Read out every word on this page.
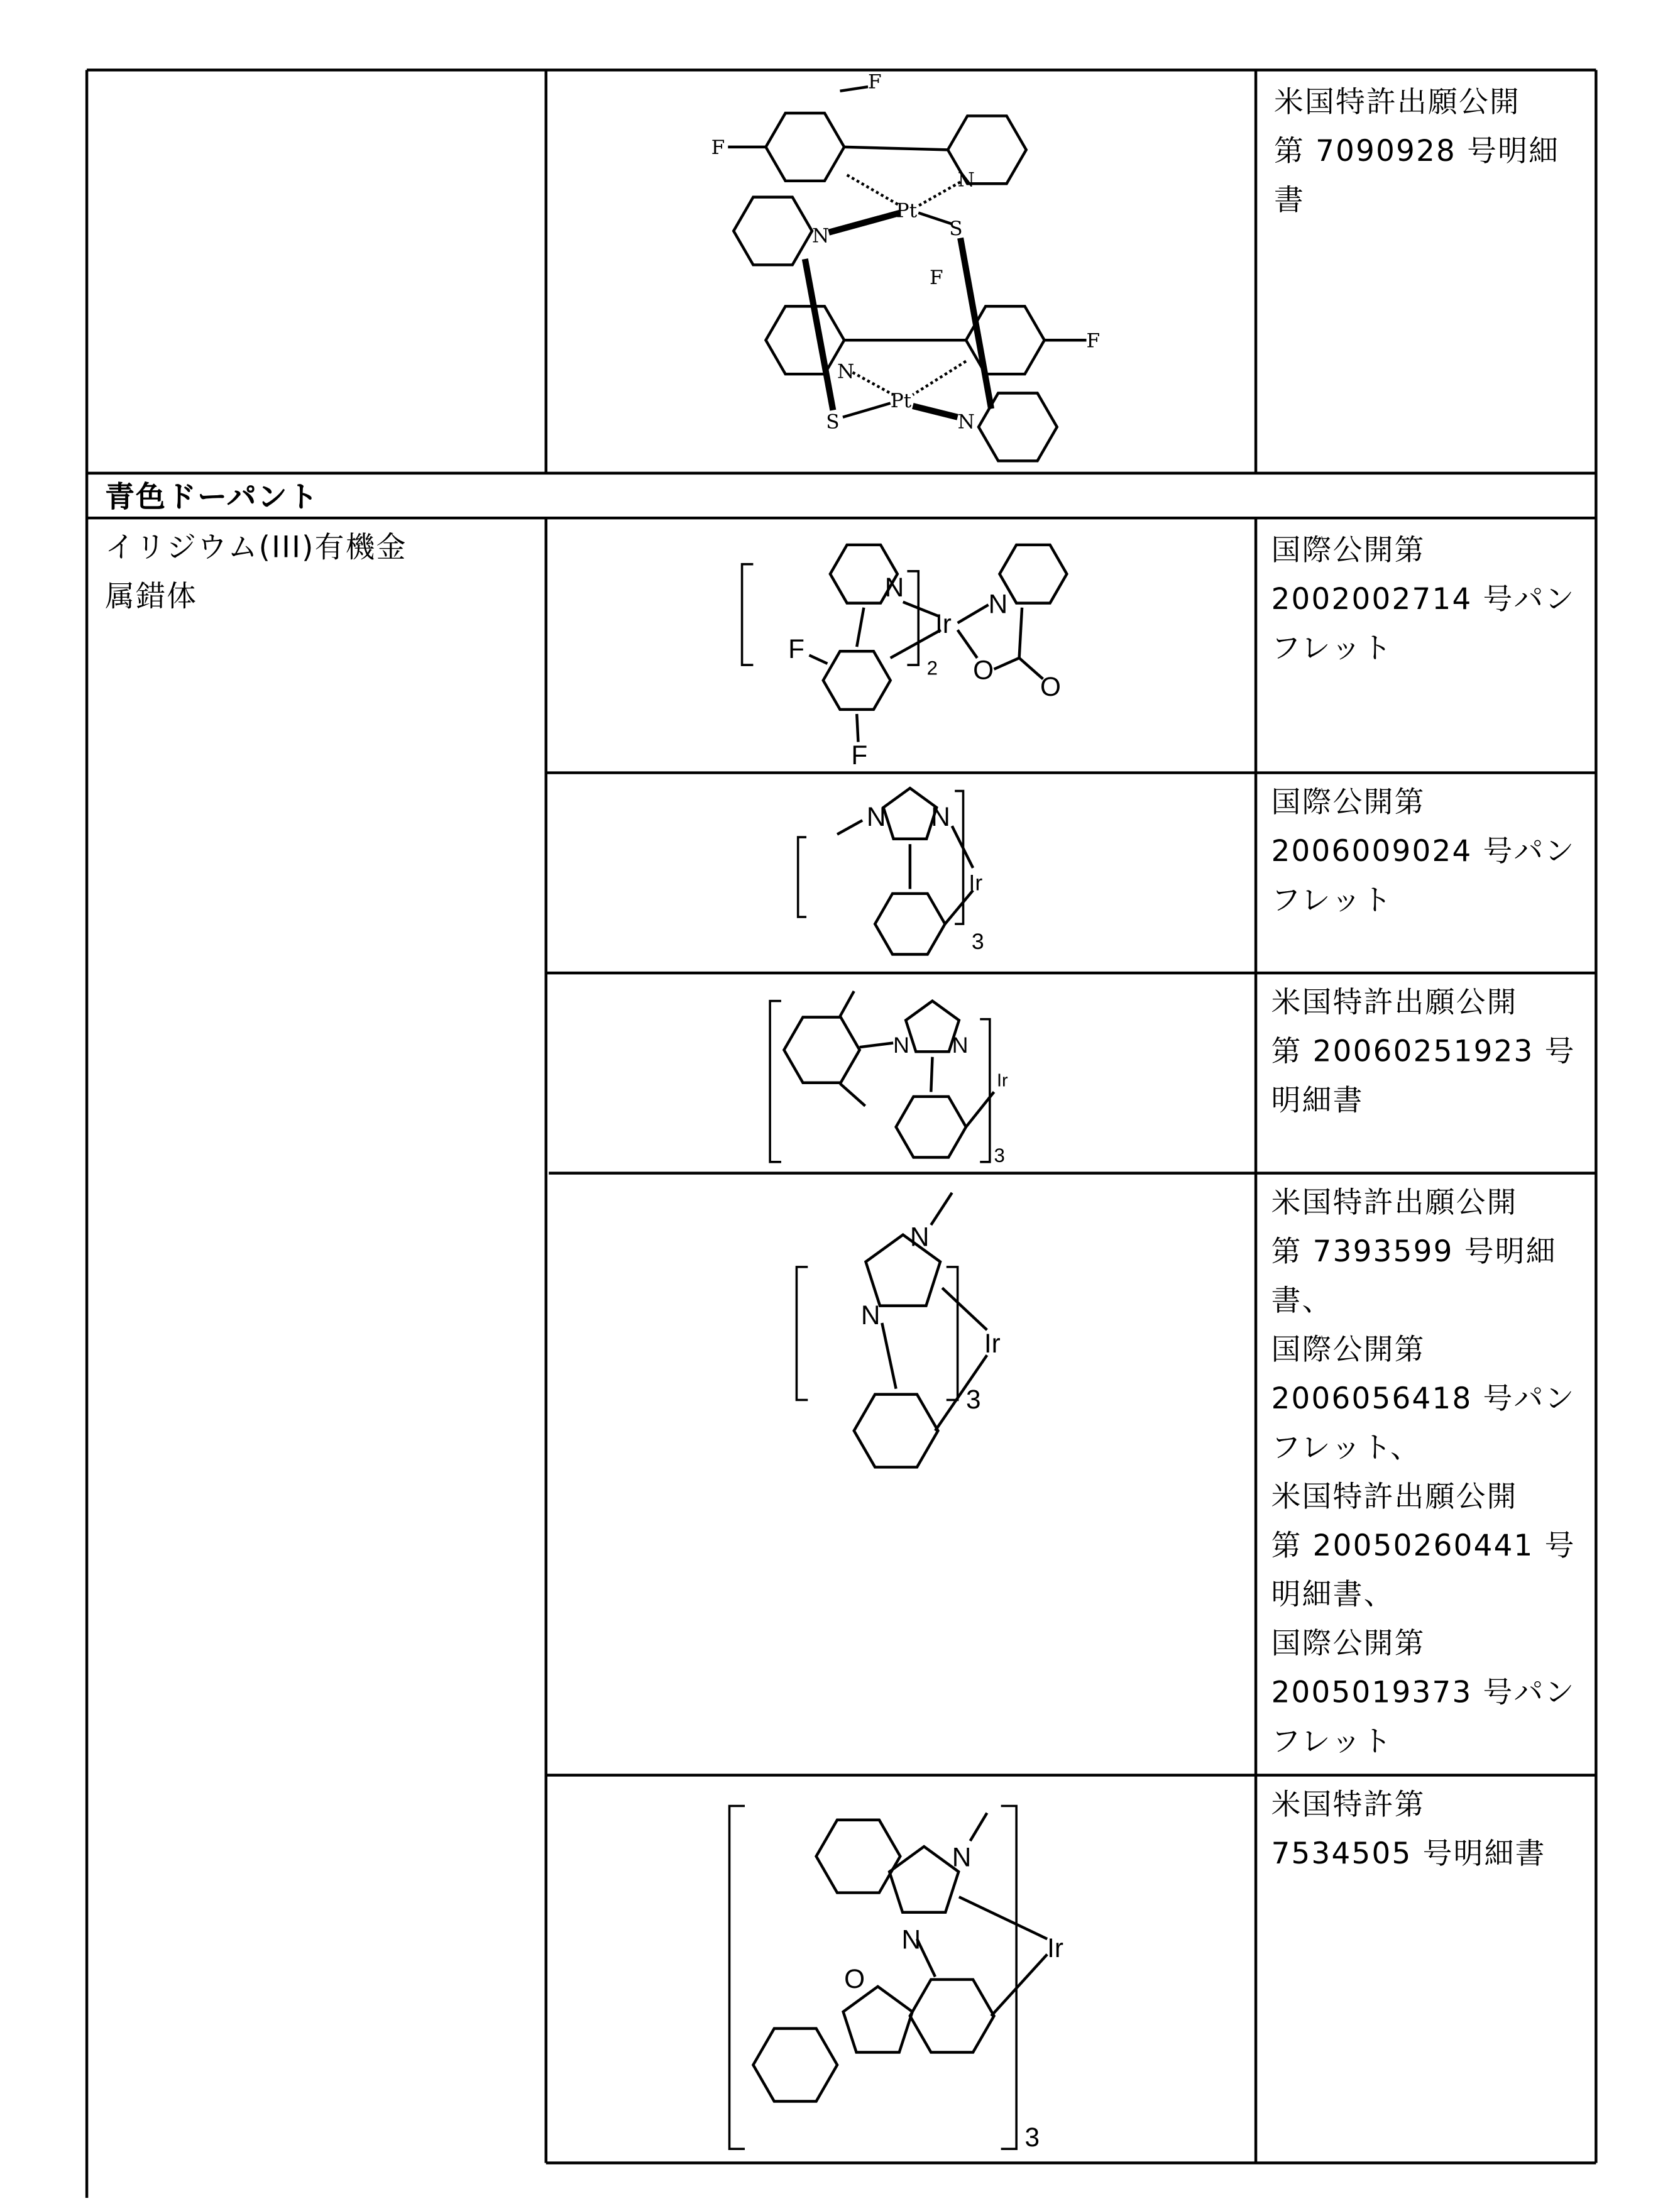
F
F
N
Pt
N	S
F
F
N
Pt
S	N
N
Ir
2
F
F
N
O
O
N	N
Ir
3
N	N
Ir
3
N
N
Ir
3
N
N
O
Ir
3
米国特許出願公開
第 7090928 号明細
書
青色ドーパント
イリジウム(III)有機金
属錯体
国際公開第
2002002714 号パン
フレット
国際公開第
2006009024 号パン
フレット
米国特許出願公開
第 20060251923 号
明細書
米国特許出願公開
第 7393599 号明細
書、
国際公開第
2006056418 号パン
フレット、
米国特許出願公開
第 20050260441 号
明細書、
国際公開第
2005019373 号パン
フレット
米国特許第
7534505 号明細書
